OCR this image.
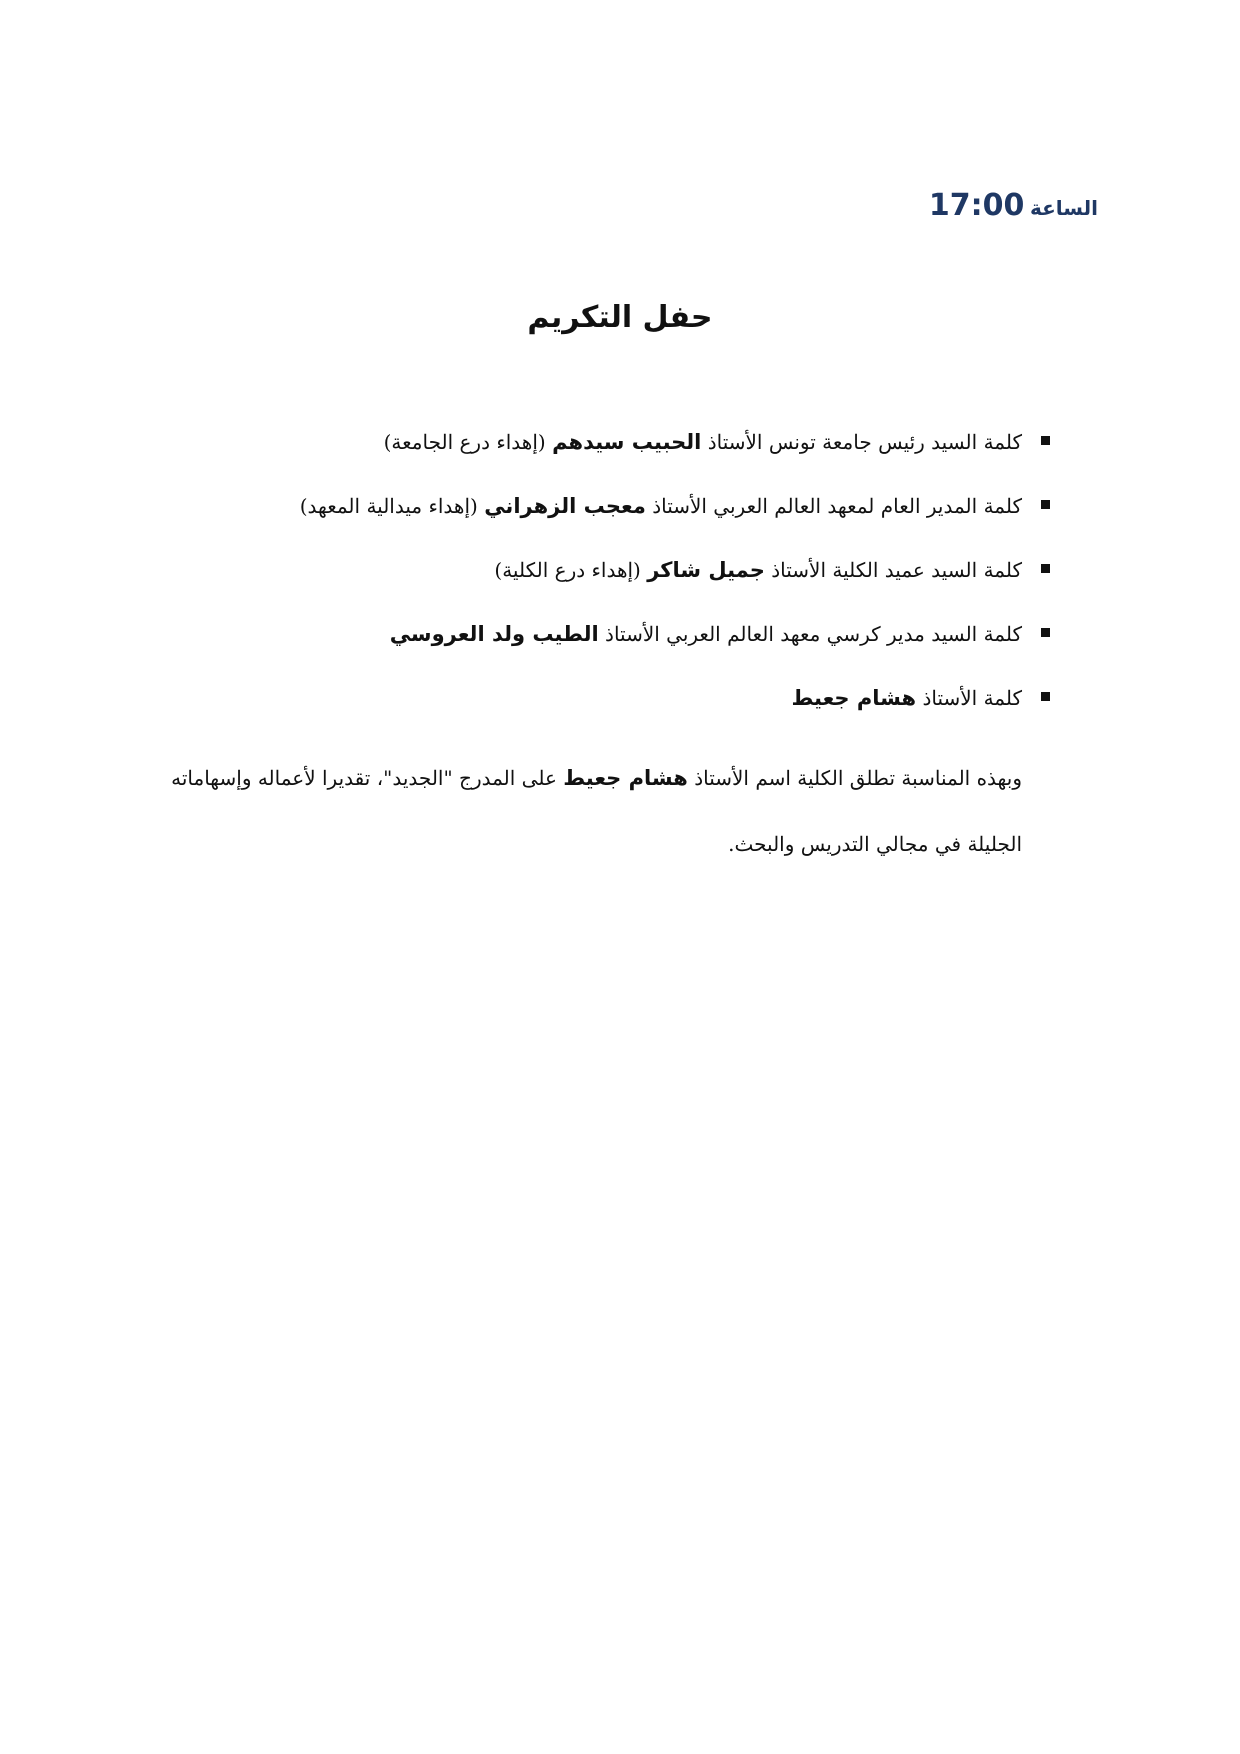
الساعة 17:00
حفل التكريم
كلمة السيد رئيس جامعة تونس الأستاذ الحبيب سيدهم (إهداء درع الجامعة)
كلمة المدير العام لمعهد العالم العربي الأستاذ معجب الزهراني (إهداء ميدالية المعهد)
كلمة السيد عميد الكلية الأستاذ جميل شاكر (إهداء درع الكلية)
كلمة السيد مدير كرسي معهد العالم العربي الأستاذ الطيب ولد العروسي
كلمة الأستاذ هشام جعيط

وبهذه المناسبة تطلق الكلية اسم الأستاذ هشام جعيط على المدرج "الجديد"، تقديرا لأعماله وإسهاماته الجليلة في مجالي التدريس والبحث.
